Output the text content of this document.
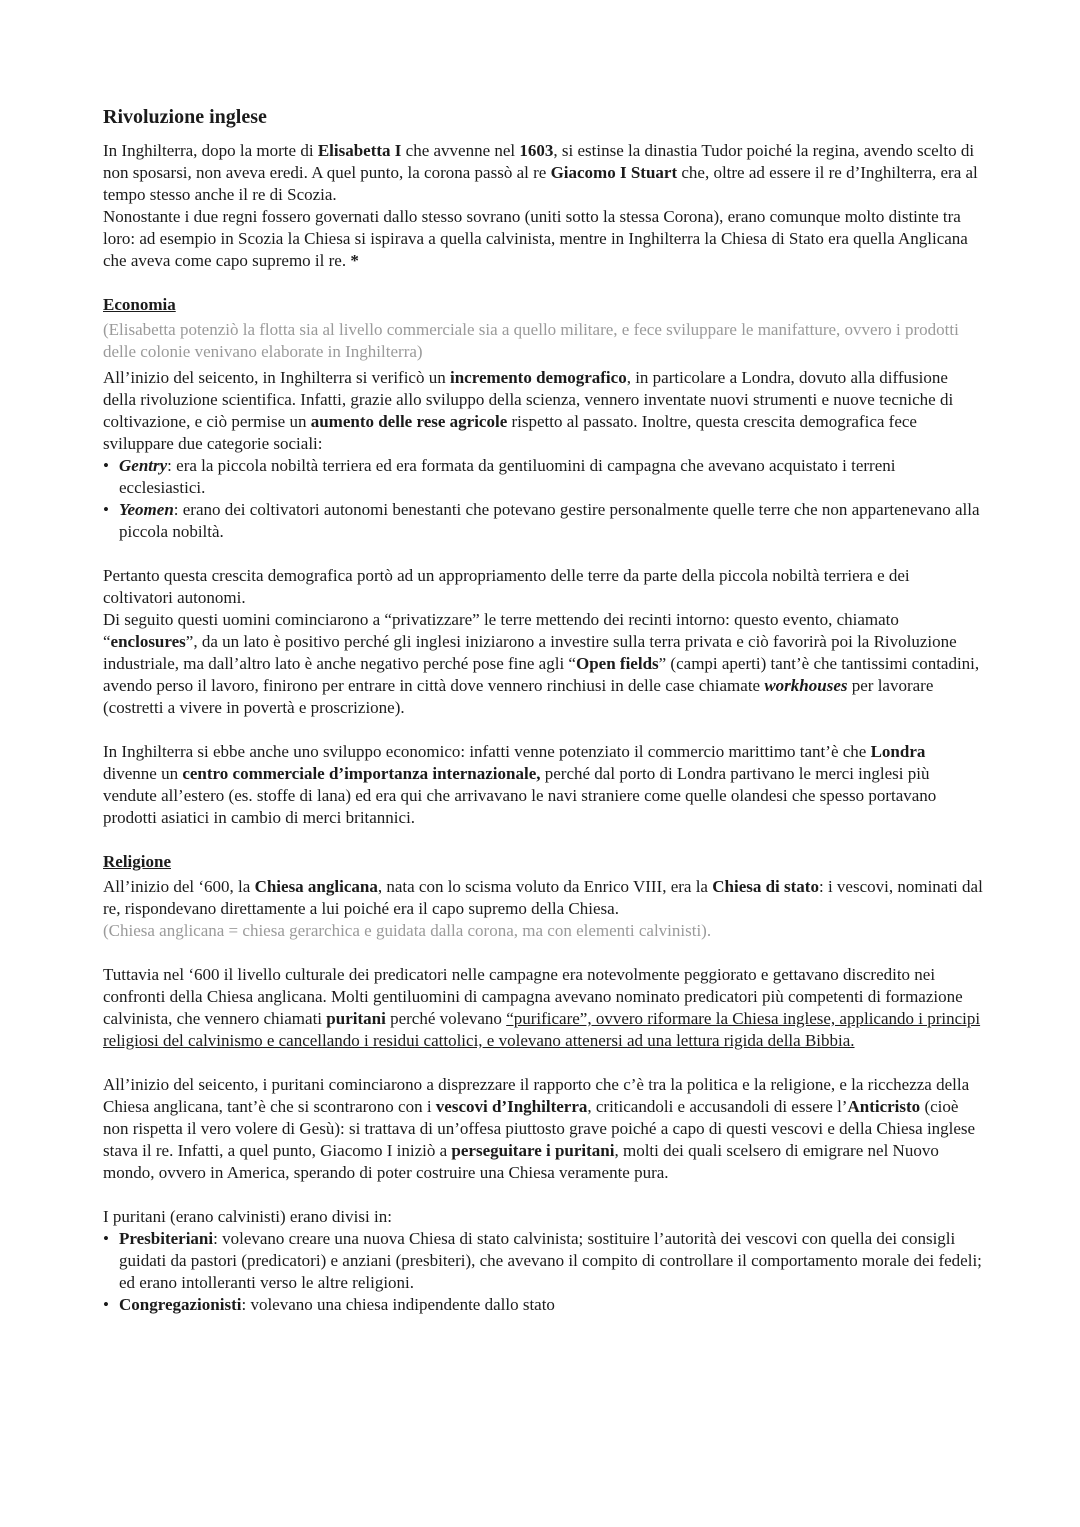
Rivoluzione inglese

In Inghilterra, dopo la morte di Elisabetta I che avvenne nel 1603, si estinse la dinastia Tudor poiché la regina, avendo scelto di non sposarsi, non aveva eredi. A quel punto, la corona passò al re Giacomo I Stuart che, oltre ad essere il re d’Inghilterra, era al tempo stesso anche il re di Scozia.

Nonostante i due regni fossero governati dallo stesso sovrano (uniti sotto la stessa Corona), erano comunque molto distinte tra loro: ad esempio in Scozia la Chiesa si ispirava a quella calvinista, mentre in Inghilterra la Chiesa di Stato era quella Anglicana che aveva come capo supremo il re. *

Economia

(Elisabetta potenziò la flotta sia al livello commerciale sia a quello militare, e fece sviluppare le manifatture, ovvero i prodotti delle colonie venivano elaborate in Inghilterra)

All’inizio del seicento, in Inghilterra si verificò un incremento demografico, in particolare a Londra, dovuto alla diffusione della rivoluzione scientifica. Infatti, grazie allo sviluppo della scienza, vennero inventate nuovi strumenti e nuove tecniche di coltivazione, e ciò permise un aumento delle rese agricole rispetto al passato. Inoltre, questa crescita demografica fece sviluppare due categorie sociali:

• Gentry: era la piccola nobiltà terriera ed era formata da gentiluomini di campagna che avevano acquistato i terreni ecclesiastici.
• Yeomen: erano dei coltivatori autonomi benestanti che potevano gestire personalmente quelle terre che non appartenevano alla piccola nobiltà.

Pertanto questa crescita demografica portò ad un appropriamento delle terre da parte della piccola nobiltà terriera e dei coltivatori autonomi.

Di seguito questi uomini cominciarono a “privatizzare” le terre mettendo dei recinti intorno: questo evento, chiamato “enclosures”, da un lato è positivo perché gli inglesi iniziarono a investire sulla terra privata e ciò favorirà poi la Rivoluzione industriale, ma dall’altro lato è anche negativo perché pose fine agli “Open fields” (campi aperti) tant’è che tantissimi contadini, avendo perso il lavoro, finirono per entrare in città dove vennero rinchiusi in delle case chiamate workhouses per lavorare (costretti a vivere in povertà e proscrizione).

In Inghilterra si ebbe anche uno sviluppo economico: infatti venne potenziato il commercio marittimo tant’è che Londra divenne un centro commerciale d’importanza internazionale, perché dal porto di Londra partivano le merci inglesi più vendute all’estero (es. stoffe di lana) ed era qui che arrivavano le navi straniere come quelle olandesi che spesso portavano prodotti asiatici in cambio di merci britannici.

Religione

All’inizio del ‘600, la Chiesa anglicana, nata con lo scisma voluto da Enrico VIII, era la Chiesa di stato: i vescovi, nominati dal re, rispondevano direttamente a lui poiché era il capo supremo della Chiesa.

(Chiesa anglicana = chiesa gerarchica e guidata dalla corona, ma con elementi calvinisti).

Tuttavia nel ‘600 il livello culturale dei predicatori nelle campagne era notevolmente peggiorato e gettavano discredito nei confronti della Chiesa anglicana. Molti gentiluomini di campagna avevano nominato predicatori più competenti di formazione calvinista, che vennero chiamati puritani perché volevano “purificare”, ovvero riformare la Chiesa inglese, applicando i principi religiosi del calvinismo e cancellando i residui cattolici, e volevano attenersi ad una lettura rigida della Bibbia.

All’inizio del seicento, i puritani cominciarono a disprezzare il rapporto che c’è tra la politica e la religione, e la ricchezza della Chiesa anglicana, tant’è che si scontrarono con i vescovi d’Inghilterra, criticandoli e accusandoli di essere l’Anticristo (cioè non rispetta il vero volere di Gesù): si trattava di un’offesa piuttosto grave poiché a capo di questi vescovi e della Chiesa inglese stava il re. Infatti, a quel punto, Giacomo I iniziò a perseguitare i puritani, molti dei quali scelsero di emigrare nel Nuovo mondo, ovvero in America, sperando di poter costruire una Chiesa veramente pura.

I puritani (erano calvinisti) erano divisi in:

• Presbiteriani: volevano creare una nuova Chiesa di stato calvinista; sostituire l’autorità dei vescovi con quella dei consigli guidati da pastori (predicatori) e anziani (presbiteri), che avevano il compito di controllare il comportamento morale dei fedeli; ed erano intolleranti verso le altre religioni.
• Congregazionisti: volevano una chiesa indipendente dallo stato
